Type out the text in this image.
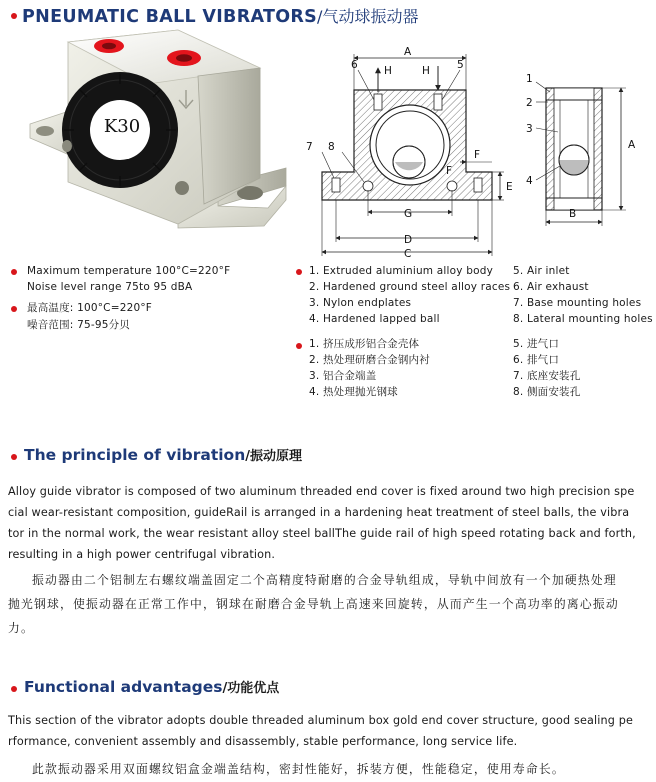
PNEUMATIC BALL VIBRATORS/气动球振动器
K30
A
H	H
6	5
7 8
F
F
E
G
D
C
1
2
3
4
A
B
Maximum temperature 100°C=220°F
Noise level range 75to 95 dBA
最高温度: 100°C=220°F
噪音范围: 75-95分贝
1. Extruded aluminium alloy body
2. Hardened ground steel alloy races
3. Nylon endplates
4. Hardened lapped ball
5. Air inlet
6. Air exhaust
7. Base mounting holes
8. Lateral mounting holes
1. 挤压成形铝合金壳体
2. 热处理研磨合金钢内衬
3. 铝合金端盖
4. 热处理抛光钢球
5. 进气口
6. 排气口
7. 底座安装孔
8. 侧面安装孔
The principle of vibration/振动原理
Alloy guide vibrator is composed of two aluminum threaded end cover is fixed around two high precision spe
cial wear-resistant composition, guideRail is arranged in a hardening heat treatment of steel balls, the vibra
tor in the normal work, the wear resistant alloy steel ballThe guide rail of high speed rotating back and forth,
resulting in a high power centrifugal vibration.
振动器由二个铝制左右螺纹端盖固定二个高精度特耐磨的合金导轨组成，导轨中间放有一个加硬热处理
抛光钢球，使振动器在正常工作中，钢球在耐磨合金导轨上高速来回旋转，从而产生一个高功率的离心振动
力。
Functional advantages/功能优点
This section of the vibrator adopts double threaded aluminum box gold end cover structure, good sealing pe
rformance, convenient assembly and disassembly, stable performance, long service life.
此款振动器采用双面螺纹铝盒金端盖结构，密封性能好，拆装方便，性能稳定，使用寿命长。
